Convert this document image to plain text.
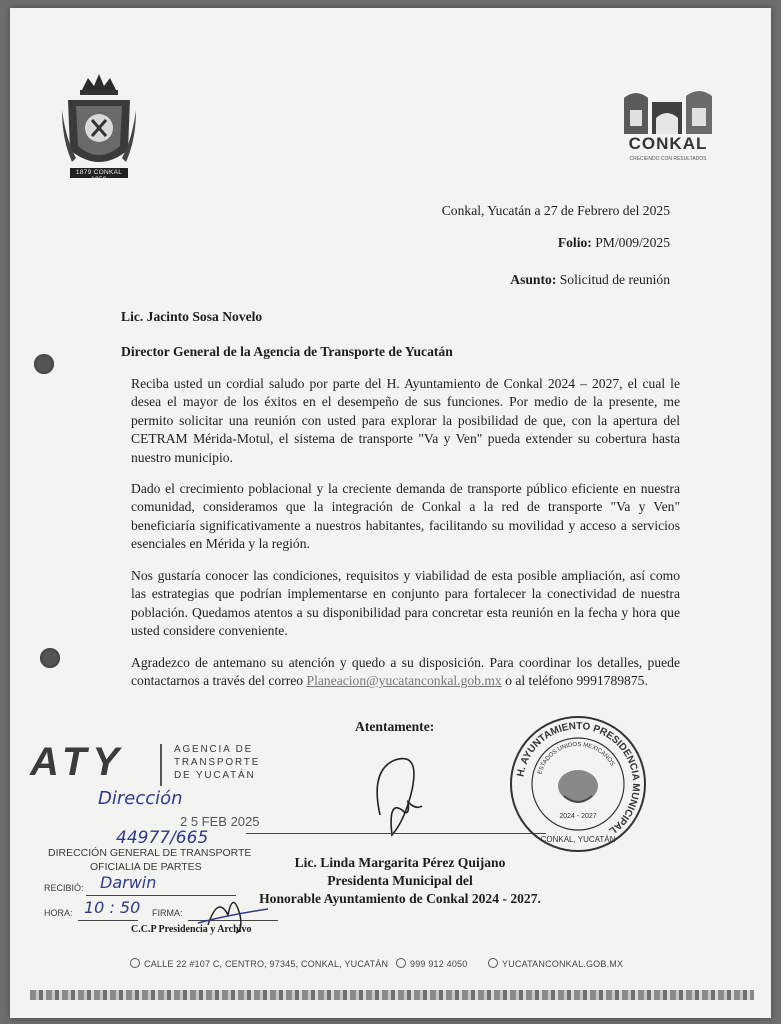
1879 CONKAL 1959
CONKAL
CRECIENDO CON RESULTADOS
Conkal, Yucatán a 27 de Febrero del 2025
Folio: PM/009/2025
Asunto: Solicitud de reunión
Lic. Jacinto Sosa Novelo
Director General de la Agencia de Transporte de Yucatán
Reciba usted un cordial saludo por parte del H. Ayuntamiento de Conkal 2024 – 2027, el cual le desea el mayor de los éxitos en el desempeño de sus funciones. Por medio de la presente, me permito solicitar una reunión con usted para explorar la posibilidad de que, con la apertura del CETRAM Mérida-Motul, el sistema de transporte "Va y Ven" pueda extender su cobertura hasta nuestro municipio.
Dado el crecimiento poblacional y la creciente demanda de transporte público eficiente en nuestra comunidad, consideramos que la integración de Conkal a la red de transporte "Va y Ven" beneficiaría significativamente a nuestros habitantes, facilitando su movilidad y acceso a servicios esenciales en Mérida y la región.
Nos gustaría conocer las condiciones, requisitos y viabilidad de esta posible ampliación, así como las estrategias que podrían implementarse en conjunto para fortalecer la conectividad de nuestra población. Quedamos atentos a su disponibilidad para concretar esta reunión en la fecha y hora que usted considere conveniente.
Agradezco de antemano su atención y quedo a su disposición. Para coordinar los detalles, puede contactarnos a través del correo Planeacion@yucatanconkal.gob.mx o al teléfono 9991789875.
Atentamente:
H. AYUNTAMIENTO PRESIDENCIA MUNICIPAL
ESTADOS UNIDOS MEXICANOS
2024 - 2027
CONKAL, YUCATÁN
Lic. Linda Margarita Pérez Quijano
Presidenta Municipal del
Honorable Ayuntamiento de Conkal 2024 - 2027.
ATY	AGENCIA DE
TRANSPORTE
DE YUCATÁN
Dirección
2 5 FEB 2025
44977/665
DIRECCIÓN GENERAL DE TRANSPORTE
OFICIALIA DE PARTES
RECIBIÓ: Darwin
HORA: 10 : 50 FIRMA:
C.C.P Presidencia y Archivo
CALLE 22 #107 C, CENTRO, 97345, CONKAL, YUCATÁN	999 912 4050	YUCATANCONKAL.GOB.MX
